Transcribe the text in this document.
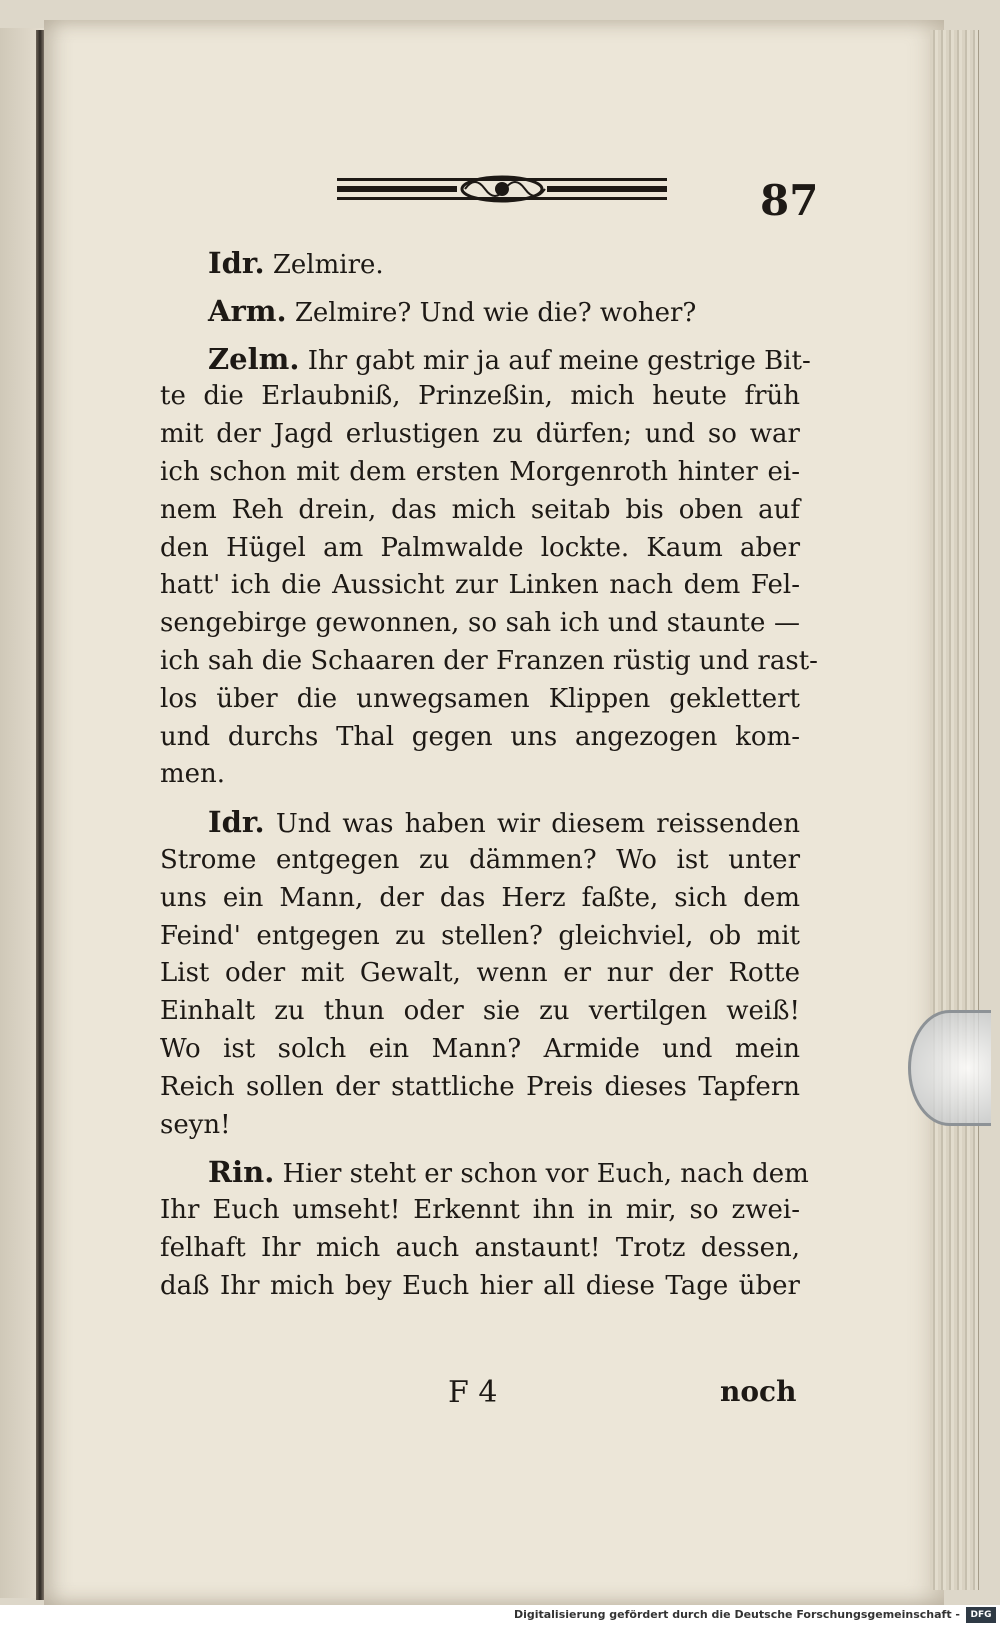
87
Idr. Zelmire.
Arm. Zelmire? Und wie die? woher?
Zelm. Ihr gabt mir ja auf meine gestrige Bit-
te die Erlaubniß, Prinzeßin, mich heute früh
mit der Jagd erlustigen zu dürfen; und so war
ich schon mit dem ersten Morgenroth hinter ei-
nem Reh drein, das mich seitab bis oben auf
den Hügel am Palmwalde lockte. Kaum aber
hatt' ich die Aussicht zur Linken nach dem Fel-
sengebirge gewonnen, so sah ich und staunte —
ich sah die Schaaren der Franzen rüstig und rast-
los über die unwegsamen Klippen geklettert
und durchs Thal gegen uns angezogen kom-
men.
Idr. Und was haben wir diesem reissenden
Strome entgegen zu dämmen? Wo ist unter
uns ein Mann, der das Herz faßte, sich dem
Feind' entgegen zu stellen? gleichviel, ob mit
List oder mit Gewalt, wenn er nur der Rotte
Einhalt zu thun oder sie zu vertilgen weiß!
Wo ist solch ein Mann? Armide und mein
Reich sollen der stattliche Preis dieses Tapfern
seyn!
Rin. Hier steht er schon vor Euch, nach dem
Ihr Euch umseht! Erkennt ihn in mir, so zwei-
felhaft Ihr mich auch anstaunt! Trotz dessen,
daß Ihr mich bey Euch hier all diese Tage über
F 4	noch
Digitalisierung gefördert durch die Deutsche Forschungsgemeinschaft -	DFG
